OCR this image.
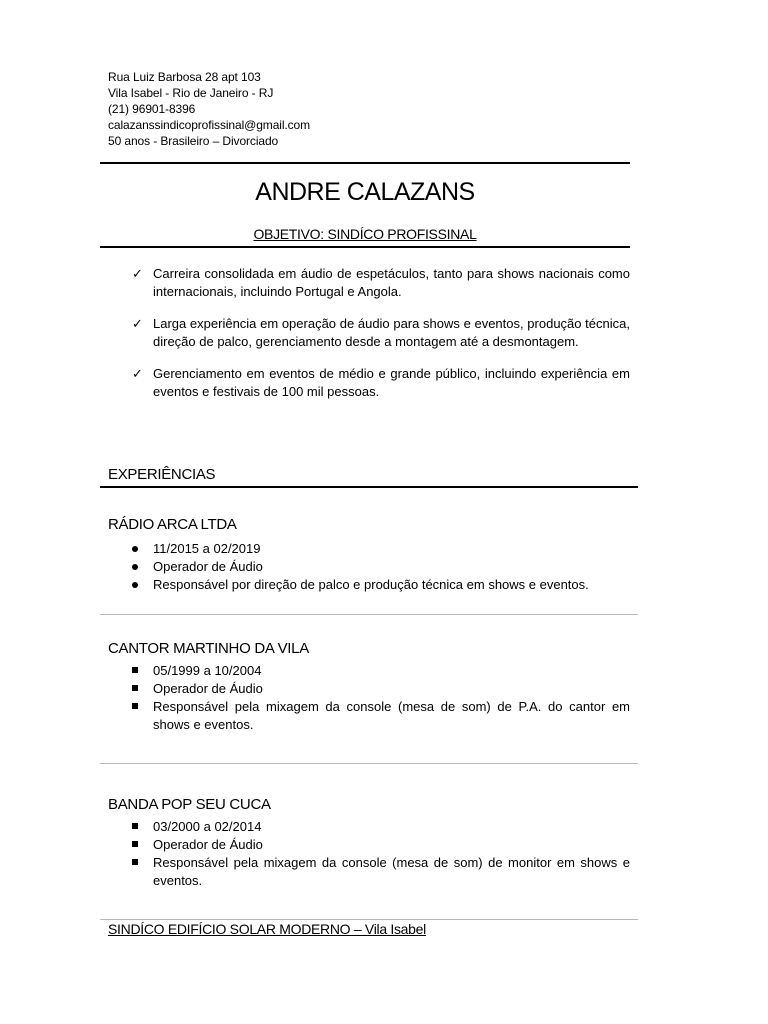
Rua Luiz Barbosa 28 apt 103
Vila Isabel - Rio de Janeiro - RJ
(21) 96901-8396
calazanssindicoprofissinal@gmail.com
50 anos - Brasileiro – Divorciado
ANDRE CALAZANS
OBJETIVO: SINDÍCO PROFISSINAL
✓ Carreira consolidada em áudio de espetáculos, tanto para shows nacionais como internacionais, incluindo Portugal e Angola.
✓ Larga experiência em operação de áudio para shows e eventos, produção técnica, direção de palco, gerenciamento desde a montagem até a desmontagem.
✓ Gerenciamento em eventos de médio e grande público, incluindo experiência em eventos e festivais de 100 mil pessoas.
EXPERIÊNCIAS
RÁDIO ARCA LTDA
11/2015 a 02/2019
Operador de Áudio
Responsável por direção de palco e produção técnica em shows e eventos.
CANTOR MARTINHO DA VILA
05/1999 a 10/2004
Operador de Áudio
Responsável pela mixagem da console (mesa de som) de P.A. do cantor em shows e eventos.
BANDA POP SEU CUCA
03/2000 a 02/2014
Operador de Áudio
Responsável pela mixagem da console (mesa de som) de monitor em shows e eventos.
SINDÍCO EDIFÍCIO SOLAR MODERNO – Vila Isabel
